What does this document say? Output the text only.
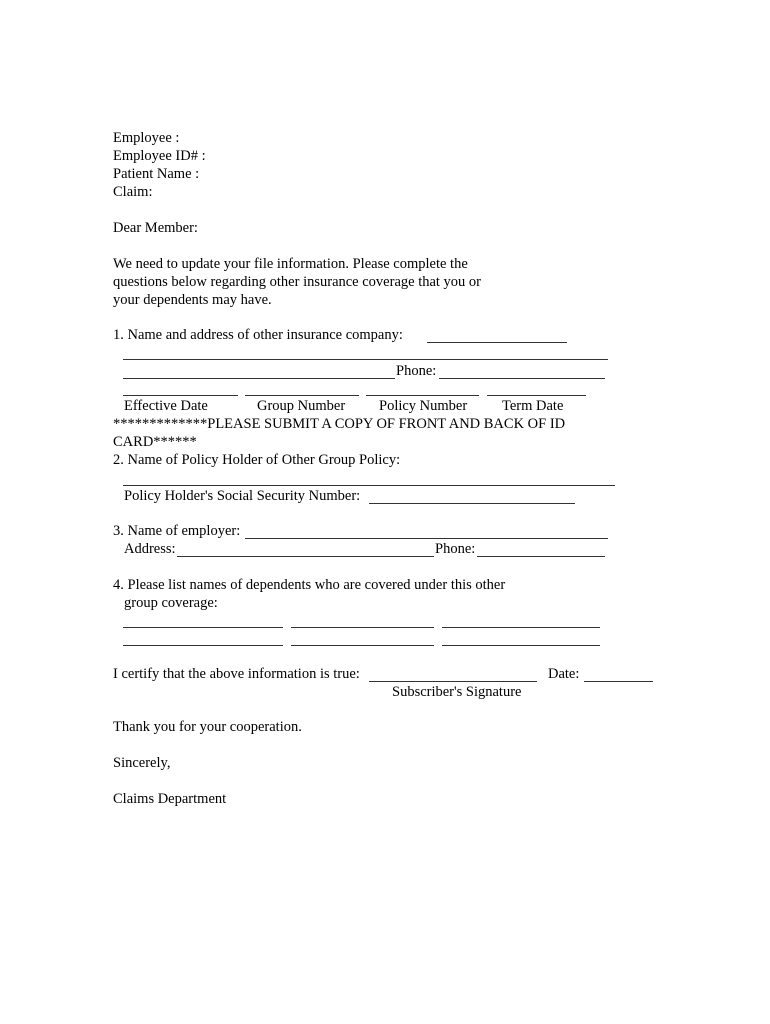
Employee :
Employee ID# :
Patient Name :
Claim:
Dear Member:
We need to update your file information. Please complete the
questions below regarding other insurance coverage that you or
your dependents may have.
1. Name and address of other insurance company:
Phone:
Effective Date	Group Number Policy Number Term Date
*************PLEASE SUBMIT A COPY OF FRONT AND BACK OF ID
CARD******
2. Name of Policy Holder of Other Group Policy:
Policy Holder's Social Security Number:
3. Name of employer:
Address:	Phone:
4. Please list names of dependents who are covered under this other
group coverage:
I certify that the above information is true:	Date:
Subscriber's Signature
Thank you for your cooperation.
Sincerely,
Claims Department
